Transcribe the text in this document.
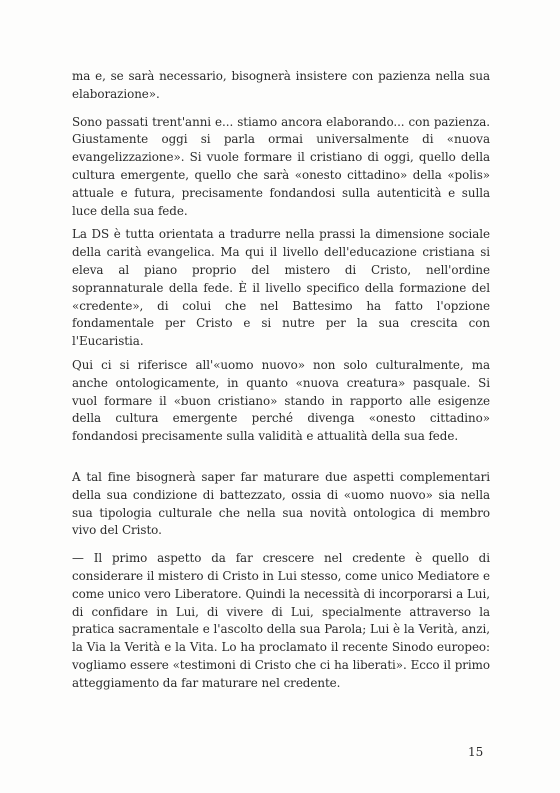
ma e, se sarà necessario, bisognerà insistere con pazienza nella sua elaborazione».

Sono passati trent'anni e... stiamo ancora elaborando... con pazienza. Giustamente oggi si parla ormai universalmente di «nuova evangelizzazione». Si vuole formare il cristiano di oggi, quello della cultura emergente, quello che sarà «onesto cittadino» della «polis» attuale e futura, precisamente fondandosi sulla autenticità e sulla luce della sua fede.

La DS è tutta orientata a tradurre nella prassi la dimensione sociale della carità evangelica. Ma qui il livello dell'educazione cristiana si eleva al piano proprio del mistero di Cristo, nell'ordine soprannaturale della fede. È il livello specifico della formazione del «credente», di colui che nel Battesimo ha fatto l'opzione fondamentale per Cristo e si nutre per la sua crescita con l'Eucaristia.

Qui ci si riferisce all'«uomo nuovo» non solo culturalmente, ma anche ontologicamente, in quanto «nuova creatura» pasquale. Si vuol formare il «buon cristiano» stando in rapporto alle esigenze della cultura emergente perché divenga «onesto cittadino» fondandosi precisamente sulla validità e attualità della sua fede.

A tal fine bisognerà saper far maturare due aspetti complementari della sua condizione di battezzato, ossia di «uomo nuovo» sia nella sua tipologia culturale che nella sua novità ontologica di membro vivo del Cristo.

— Il primo aspetto da far crescere nel credente è quello di considerare il mistero di Cristo in Lui stesso, come unico Mediatore e come unico vero Liberatore. Quindi la necessità di incorporarsi a Lui, di confidare in Lui, di vivere di Lui, specialmente attraverso la pratica sacramentale e l'ascolto della sua Parola; Lui è la Verità, anzi, la Via la Verità e la Vita. Lo ha proclamato il recente Sinodo europeo: vogliamo essere «testimoni di Cristo che ci ha liberati». Ecco il primo atteggiamento da far maturare nel credente.

15
